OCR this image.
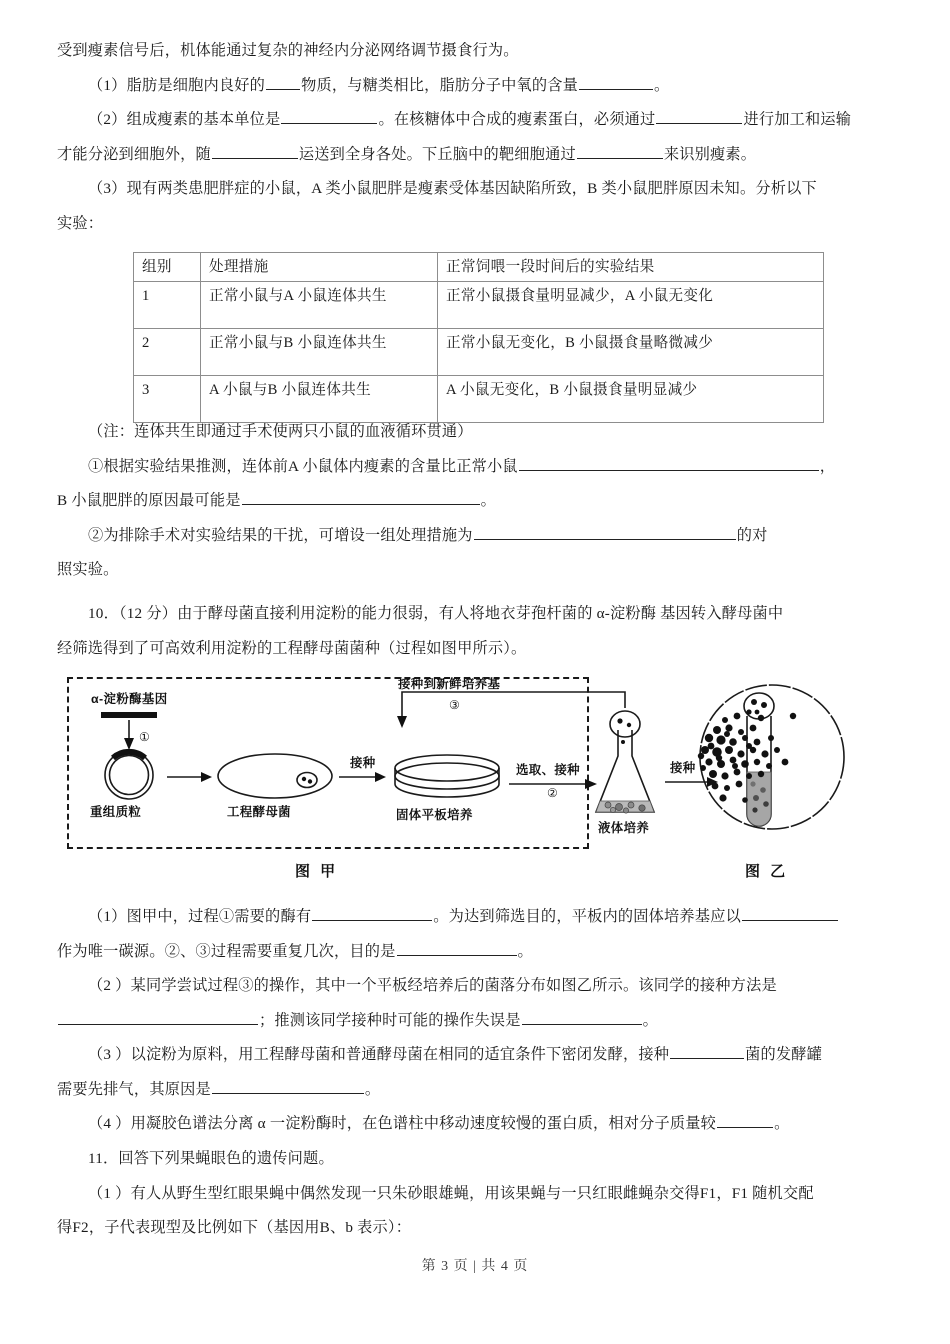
受到瘦素信号后，机体能通过复杂的神经内分泌网络调节摄食行为。

（1）脂肪是细胞内良好的 物质，与糖类相比，脂肪分子中氧的含量	。

（2）组成瘦素的基本单位是	。在核糖体中合成的瘦素蛋白，必须通过	进行加工和运输

才能分泌到细胞外，随	运送到全身各处。下丘脑中的靶细胞通过	来识别瘦素。

（3）现有两类患肥胖症的小鼠，A 类小鼠肥胖是瘦素受体基因缺陷所致，B 类小鼠肥胖原因未知。分析以下

实验：

组别	处理措施	正常饲喂一段时间后的实验结果
1	正常小鼠与A 小鼠连体共生	正常小鼠摄食量明显减少，A 小鼠无变化
2	正常小鼠与B 小鼠连体共生	正常小鼠无变化，B 小鼠摄食量略微减少
3	A 小鼠与B 小鼠连体共生	A 小鼠无变化，B 小鼠摄食量明显减少

（注：连体共生即通过手术使两只小鼠的血液循环贯通）

①根据实验结果推测，连体前A 小鼠体内瘦素的含量比正常小鼠	，

B 小鼠肥胖的原因最可能是	。

②为排除手术对实验结果的干扰，可增设一组处理措施为	的对

照实验。

10．（12 分）由于酵母菌直接利用淀粉的能力很弱，有人将地衣芽孢杆菌的 α-淀粉酶 基因转入酵母菌中

经筛选得到了可高效利用淀粉的工程酵母菌菌种（过程如图甲所示）。

α-淀粉酶基因
①
重组质粒	工程酵母菌
接种
固体平板培养
选取、接种
②
液体培养
接种
接种到新鲜培养基
③
图 甲	图 乙

（1）图甲中，过程①需要的酶有	。为达到筛选目的，平板内的固体培养基应以

作为唯一碳源。②、③过程需要重复几次，目的是	。

（2 ）某同学尝试过程③的操作，其中一个平板经培养后的菌落分布如图乙所示。该同学的接种方法是

；推测该同学接种时可能的操作失误是	。

（3 ）以淀粉为原料，用工程酵母菌和普通酵母菌在相同的适宜条件下密闭发酵，接种	菌的发酵罐

需要先排气，其原因是	。

（4 ）用凝胶色谱法分离 α 一淀粉酶时，在色谱柱中移动速度较慢的蛋白质，相对分子质量较	。

11．回答下列果蝇眼色的遗传问题。

（1 ）有人从野生型红眼果蝇中偶然发现一只朱砂眼雄蝇，用该果蝇与一只红眼雌蝇杂交得F1，F1 随机交配

得F2，子代表现型及比例如下（基因用B、b 表示）：

第 3 页 | 共 4 页
